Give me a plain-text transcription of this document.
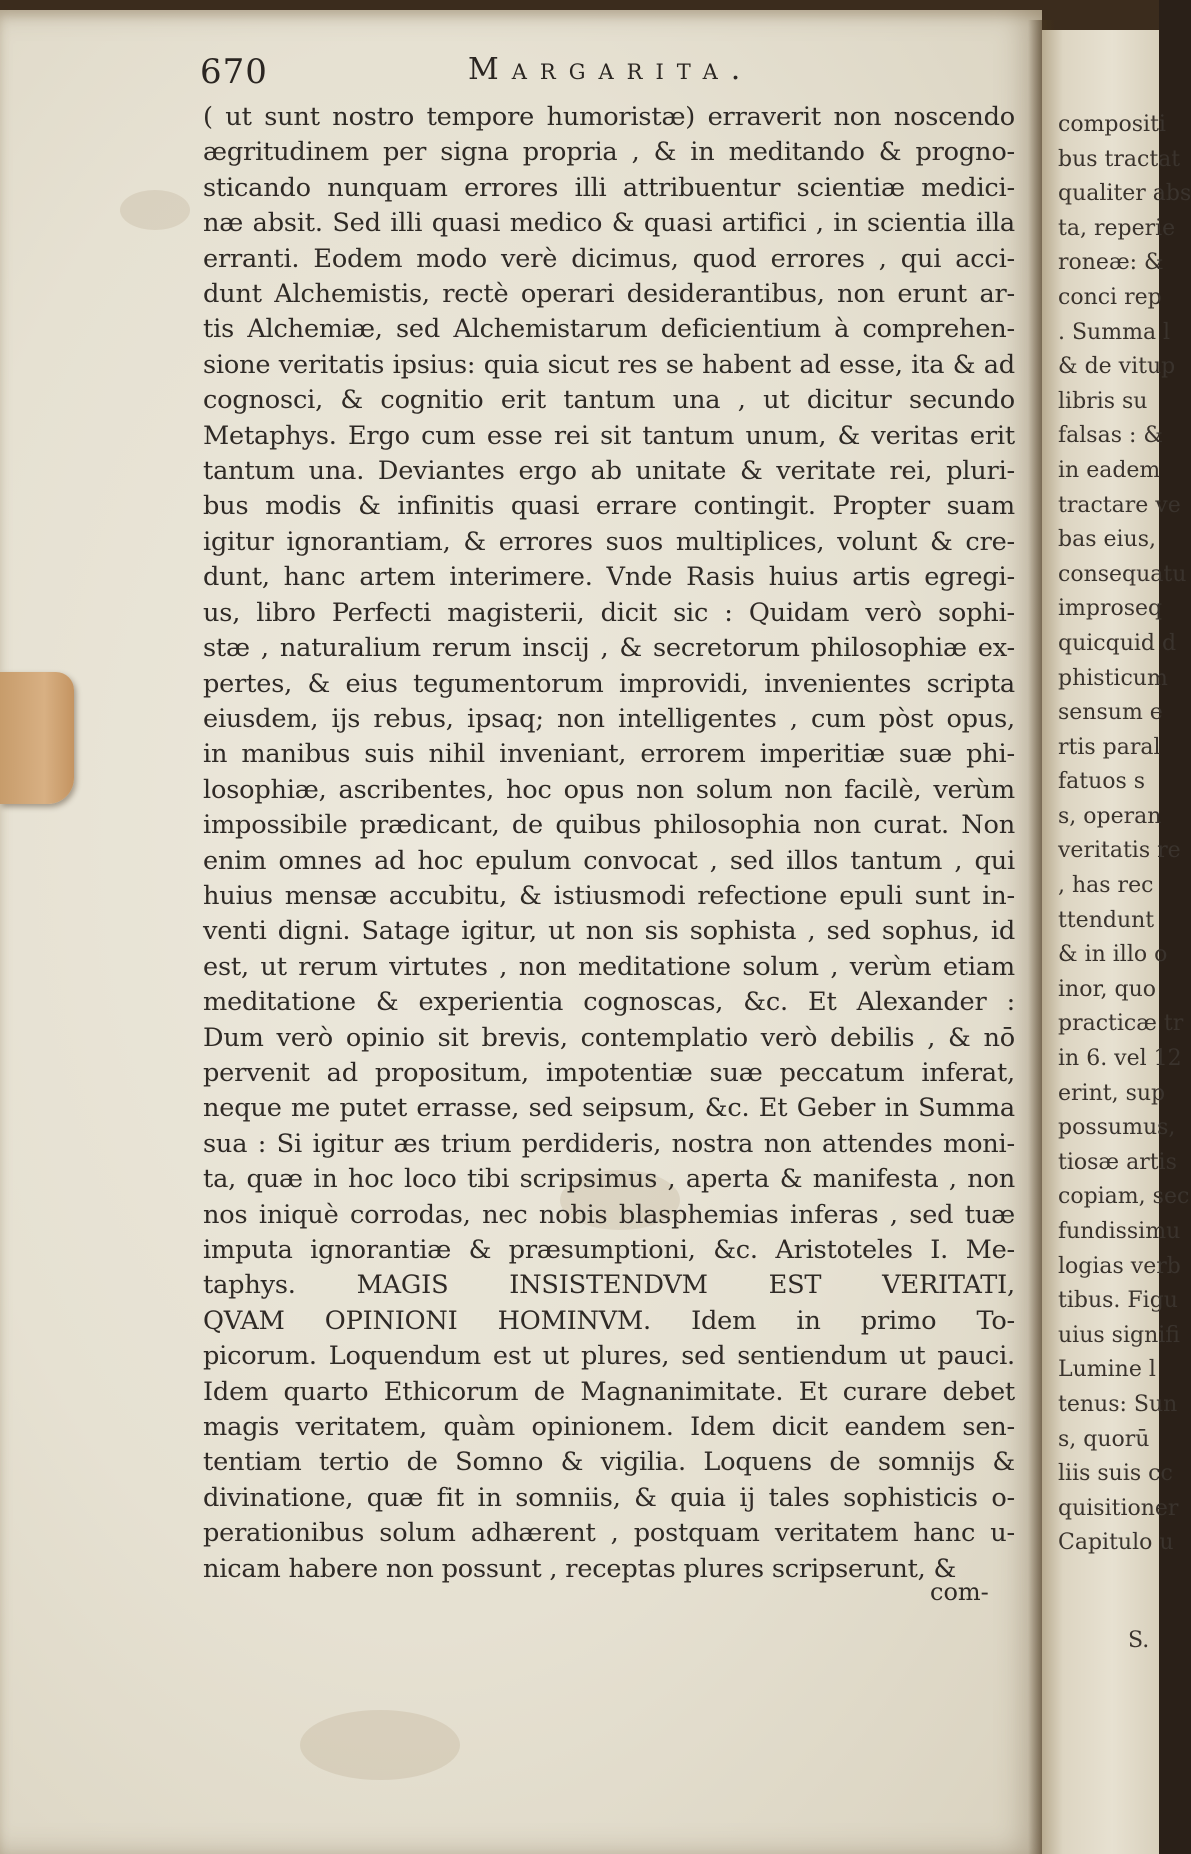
670	Margarita.
( ut sunt nostro tempore humoristæ) erraverit non noscendo
ægritudinem per signa propria , & in meditando & progno-
sticando nunquam errores illi attribuentur scientiæ medici-
næ absit. Sed illi quasi medico & quasi artifici , in scientia illa
erranti. Eodem modo verè dicimus, quod errores , qui acci-
dunt Alchemistis, rectè operari desiderantibus, non erunt ar-
tis Alchemiæ, sed Alchemistarum deficientium à comprehen-
sione veritatis ipsius: quia sicut res se habent ad esse, ita & ad
cognosci, & cognitio erit tantum una , ut dicitur secundo
Metaphys. Ergo cum esse rei sit tantum unum, & veritas erit
tantum una. Deviantes ergo ab unitate & veritate rei, pluri-
bus modis & infinitis quasi errare contingit. Propter suam
igitur ignorantiam, & errores suos multiplices, volunt & cre-
dunt, hanc artem interimere. Vnde Rasis huius artis egregi-
us, libro Perfecti magisterii, dicit sic : Quidam verò sophi-
stæ , naturalium rerum inscij , & secretorum philosophiæ ex-
pertes, & eius tegumentorum improvidi, invenientes scripta
eiusdem, ijs rebus, ipsaq; non intelligentes , cum pòst opus,
in manibus suis nihil inveniant, errorem imperitiæ suæ phi-
losophiæ, ascribentes, hoc opus non solum non facilè, verùm
impossibile prædicant, de quibus philosophia non curat. Non
enim omnes ad hoc epulum convocat , sed illos tantum , qui
huius mensæ accubitu, & istiusmodi refectione epuli sunt in-
venti digni. Satage igitur, ut non sis sophista , sed sophus, id
est, ut rerum virtutes , non meditatione solum , verùm etiam
meditatione & experientia cognoscas, &c. Et Alexander :
Dum verò opinio sit brevis, contemplatio verò debilis , & nō
pervenit ad propositum, impotentiæ suæ peccatum inferat,
neque me putet errasse, sed seipsum, &c. Et Geber in Summa
sua : Si igitur æs trium perdideris, nostra non attendes moni-
ta, quæ in hoc loco tibi scripsimus , aperta & manifesta , non
nos iniquè corrodas, nec nobis blasphemias inferas , sed tuæ
imputa ignorantiæ & præsumptioni, &c. Aristoteles I. Me-
taphys. MAGIS INSISTENDVM EST VERITATI,
QVAM OPINIONI HOMINVM. Idem in primo To-
picorum. Loquendum est ut plures, sed sentiendum ut pauci.
Idem quarto Ethicorum de Magnanimitate. Et curare debet
magis veritatem, quàm opinionem. Idem dicit eandem sen-
tentiam tertio de Somno & vigilia. Loquens de somnijs &
divinatione, quæ fit in somniis, & quia ij tales sophisticis o-
perationibus solum adhærent , postquam veritatem hanc u-
nicam habere non possunt , receptas plures scripserunt, &
com-
compositi
bus tractat
qualiter abs
ta, reperie
roneæ: &
conci rep
. Summa l
& de vitup
libris su
falsas : &
in eadem
tractare ve
bas eius,
consequatu
improseq
quicquid d
phisticum
sensum e
rtis paral
fatuos s
s, operan
veritatis re
, has rec
ttendunt
& in illo o
inor, quo
practicæ tr
in 6. vel 12
erint, sup
possumus,
tiosæ artis
copiam, sec
fundissimu
logias verb
tibus. Figu
uius signifi
Lumine l
tenus: Sun
s, quorū
liis suis cc
quisitioner
Capitulo u
S.
